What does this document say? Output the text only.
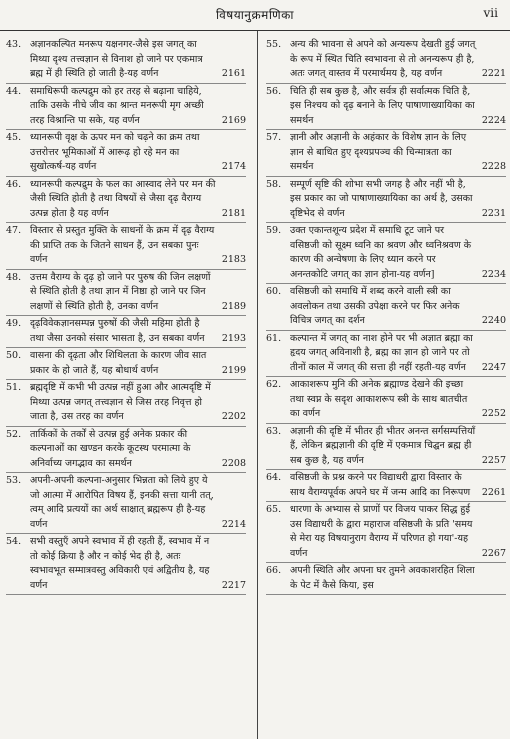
विषयानुक्रमणिका	vii
43. अज्ञानकल्पित मनरूप यक्षनगर-जैसे इस जगत् का मिथ्या दृश्य तत्त्वज्ञान से विनाश हो जाने पर एकमात्र ब्रह्म में ही स्थिति हो जाती है-यह वर्णन	2161
44. समाधिरूपी कल्पद्रुम को हर तरह से बढ़ाना चाहिये, ताकि उसके नीचे जीव का श्रान्त मनरूपी मृग अच्छी तरह विश्रान्ति पा सके, यह वर्णन	2169
45. ध्यानरूपी वृक्ष के ऊपर मन को चढ़ने का क्रम तथा उत्तरोत्तर भूमिकाओं में आरूढ़ हो रहे मन का सुखोत्कर्ष-यह वर्णन	2174
46. ध्यानरूपी कल्पद्रुम के फल का आस्वाद लेने पर मन की जैसी स्थिति होती है तथा विषयों से जैसा दृढ़ वैराग्य उत्पन्न होता है यह वर्णन	2181
47. विस्तार से प्रस्तुत मुक्ति के साधनों के क्रम में दृढ़ वैराग्य की प्राप्ति तक के जितने साधन हैं, उन सबका पुनः वर्णन	2183
48. उत्तम वैराग्य के दृढ़ हो जाने पर पुरुष की जिन लक्षणों से स्थिति होती है तथा ज्ञान में निष्ठा हो जाने पर जिन लक्षणों से स्थिति होती है, उनका वर्णन	2189
49. दृढ़विवेकज्ञानसम्पन्न पुरुषों की जैसी महिमा होती है तथा जैसा उनको संसार भासता है, उन सबका वर्णन	2193
50. वासना की दृढ़ता और शिथिलता के कारण जीव सात प्रकार के हो जाते हैं, यह बोधार्थ वर्णन	2199
51. ब्रह्मदृष्टि में कभी भी उत्पन्न नहीं हुआ और आत्मदृष्टि में मिथ्या उत्पन्न जगत् तत्त्वज्ञान से जिस तरह निवृत्त हो जाता है, उस तरह का वर्णन	2202
52. तार्किकों के तर्कों से उत्पन्न हुई अनेक प्रकार की कल्पनाओं का खण्डन करके कूटस्थ परमात्मा के अनिर्वाच्य जगद्भाव का समर्थन	2208
53. अपनी-अपनी कल्पना-अनुसार भिन्नता को लिये हुए ये जो आत्मा में आरोपित विषय हैं, इनकी सत्ता यानी तत्, त्वम् आदि प्रत्ययों का अर्थ साक्षात् ब्रह्मरूप ही है-यह वर्णन	2214
54. सभी वस्तुएँ अपने स्वभाव में ही रहती हैं, स्वभाव में न तो कोई क्रिया है और न कोई भेद ही है, अतः स्वभावभूत सम्मात्रवस्तु अविकारी एवं अद्वितीय है, यह वर्णन	2217
55. अन्य की भावना से अपने को अन्यरूप देखती हुई जगत् के रूप में स्थित चिति स्वभावना से तो अनन्यरूप ही है, अतः जगत् वास्तव में परमार्थमय है, यह वर्णन	2221
56. चिति ही सब कुछ है, और सर्वत्र ही सर्वात्मक चिति है, इस निश्चय को दृढ़ बनाने के लिए पाषाणाख्यायिका का समर्थन	2224
57. ज्ञानी और अज्ञानी के अहंकार के विशेष ज्ञान के लिए ज्ञान से बाधित हुए दृश्यप्रपञ्च की चिन्मात्रता का समर्थन	2228
58. सम्पूर्ण सृष्टि की शोभा सभी जगह है और नहीं भी है, इस प्रकार का जो पाषाणाख्यायिका का अर्थ है, उसका दृष्टिभेद से वर्णन	2231
59. उक्त एकान्तशून्य प्रदेश में समाधि टूट जाने पर वसिष्ठजी को सूक्ष्म ध्वनि का श्रवण और ध्वनिश्रवण के कारण की अन्वेषणा के लिए ध्यान करने पर अनन्तकोटि जगत् का ज्ञान होना-यह वर्णन]	2234
60. वसिष्ठजी को समाधि में शब्द करने वाली स्त्री का अवलोकन तथा उसकी उपेक्षा करने पर फिर अनेक विचित्र जगत् का दर्शन	2240
61. कल्पान्त में जगत् का नाश होने पर भी अज्ञात ब्रह्मा का हृदय जगत् अविनाशी है, ब्रह्म का ज्ञान हो जाने पर तो तीनों काल में जगत् की सत्ता ही नहीं रहती-यह वर्णन	2247
62. आकाशरूप मुनि की अनेक ब्रह्माण्ड देखने की इच्छा तथा स्वप्न के सदृश आकाशरूप स्त्री के साथ बातचीत का वर्णन	2252
63. अज्ञानी की दृष्टि में भीतर ही भीतर अनन्त सर्गसम्पत्तियाँ हैं, लेकिन ब्रह्मज्ञानी की दृष्टि में एकमात्र चिद्घन ब्रह्म ही सब कुछ है, यह वर्णन	2257
64. वसिष्ठजी के प्रश्न करने पर विद्याधरी द्वारा विस्तार के साथ वैराग्यपूर्वक अपने घर में जन्म आदि का निरूपण	2261
65. धारणा के अभ्यास से प्राणों पर विजय पाकर सिद्ध हुई उस विद्याधरी के द्वारा महाराज वसिष्ठजी के प्रति 'समय से मेरा यह विषयानुराग वैराग्य में परिणत हो गया'-यह वर्णन	2267
66. अपनी स्थिति और अपना घर तुमने अवकाशरहित शिला के पेट में कैसे किया, इस
